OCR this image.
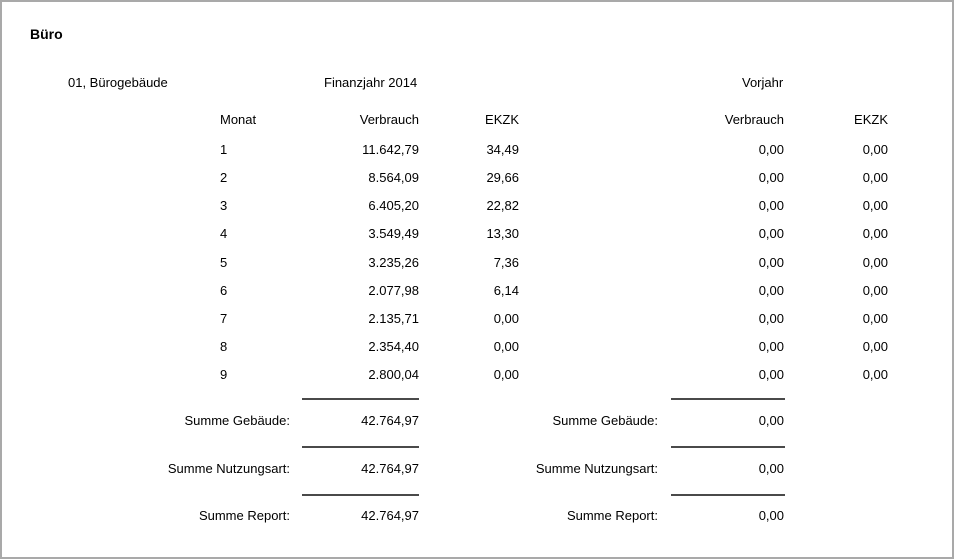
Büro
01, Bürogebäude	Finanzjahr 2014	Vorjahr
Monat	Verbrauch	EKZK	Verbrauch	EKZK
1	11.642,79	34,49	0,00	0,00
2	8.564,09	29,66	0,00	0,00
3	6.405,20	22,82	0,00	0,00
4	3.549,49	13,30	0,00	0,00
5	3.235,26	7,36	0,00	0,00
6	2.077,98	6,14	0,00	0,00
7	2.135,71	0,00	0,00	0,00
8	2.354,40	0,00	0,00	0,00
9	2.800,04	0,00	0,00	0,00
Summe Gebäude:	42.764,97	Summe Gebäude:	0,00
Summe Nutzungsart:	42.764,97	Summe Nutzungsart:	0,00
Summe Report:	42.764,97	Summe Report:	0,00
